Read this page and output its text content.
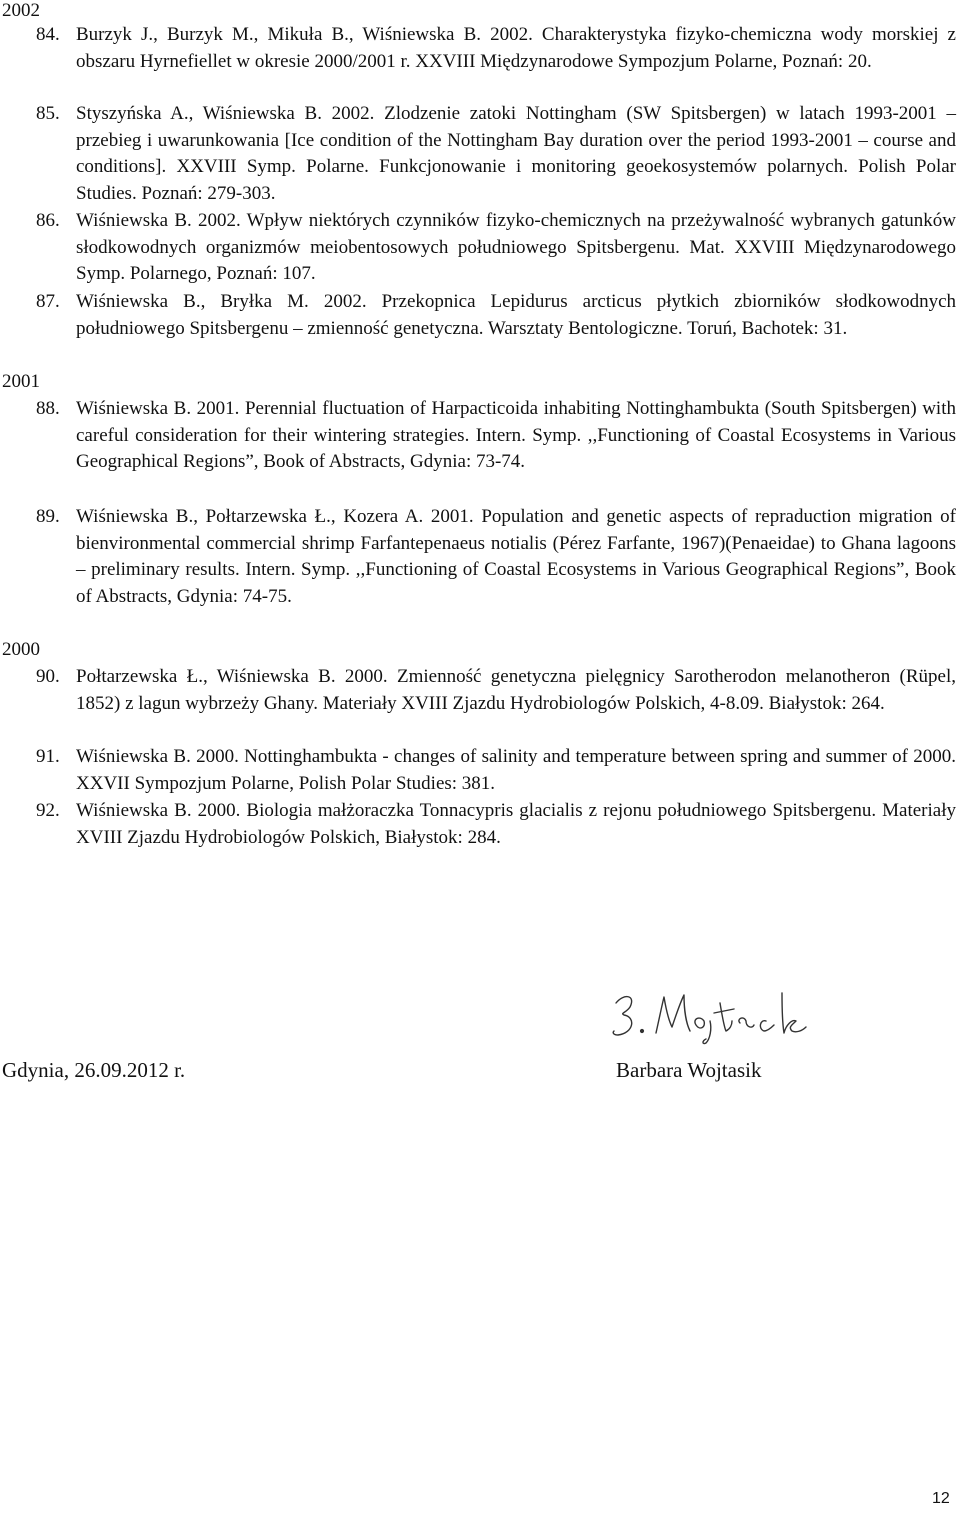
2002
84. Burzyk J., Burzyk M., Mikuła B., Wiśniewska B. 2002. Charakterystyka fizyko-chemiczna wody morskiej z obszaru Hyrnefiellet w okresie 2000/2001 r. XXVIII Międzynarodowe Sympozjum Polarne, Poznań: 20.
85. Styszyńska A., Wiśniewska B. 2002. Zlodzenie zatoki Nottingham (SW Spitsbergen) w latach 1993-2001 – przebieg i uwarunkowania [Ice condition of the Nottingham Bay duration over the period 1993-2001 – course and conditions]. XXVIII Symp. Polarne. Funkcjonowanie i monitoring geoekosystemów polarnych. Polish Polar Studies. Poznań: 279-303.
86. Wiśniewska B. 2002. Wpływ niektórych czynników fizyko-chemicznych na przeżywalność wybranych gatunków słodkowodnych organizmów meiobentosowych południowego Spitsbergenu. Mat. XXVIII Międzynarodowego Symp. Polarnego, Poznań: 107.
87. Wiśniewska B., Bryłka M. 2002. Przekopnica Lepidurus arcticus płytkich zbiorników słodkowodnych południowego Spitsbergenu – zmienność genetyczna. Warsztaty Bentologiczne. Toruń, Bachotek: 31.
2001
88. Wiśniewska B. 2001. Perennial fluctuation of Harpacticoida inhabiting Nottinghambukta (South Spitsbergen) with careful consideration for their wintering strategies. Intern. Symp. ,,Functioning of Coastal Ecosystems in Various Geographical Regions”, Book of Abstracts, Gdynia: 73-74.
89. Wiśniewska B., Połtarzewska Ł., Kozera A. 2001. Population and genetic aspects of repraduction migration of bienvironmental commercial shrimp Farfantepenaeus notialis (Pérez Farfante, 1967)(Penaeidae) to Ghana lagoons – preliminary results. Intern. Symp. ,,Functioning of Coastal Ecosystems in Various Geographical Regions”, Book of Abstracts, Gdynia: 74-75.
2000
90. Połtarzewska Ł., Wiśniewska B. 2000. Zmienność genetyczna pielęgnicy Sarotherodon melanotheron (Rüpel, 1852) z lagun wybrzeży Ghany. Materiały XVIII Zjazdu Hydrobiologów Polskich, 4-8.09. Białystok: 264.
91. Wiśniewska B. 2000. Nottinghambukta - changes of salinity and temperature between spring and summer of 2000. XXVII Sympozjum Polarne, Polish Polar Studies: 381.
92. Wiśniewska B. 2000. Biologia małżoraczka Tonnacypris glacialis z rejonu południowego Spitsbergenu. Materiały XVIII Zjazdu Hydrobiologów Polskich, Białystok: 284.
Gdynia, 26.09.2012 r.	Barbara Wojtasik
12
